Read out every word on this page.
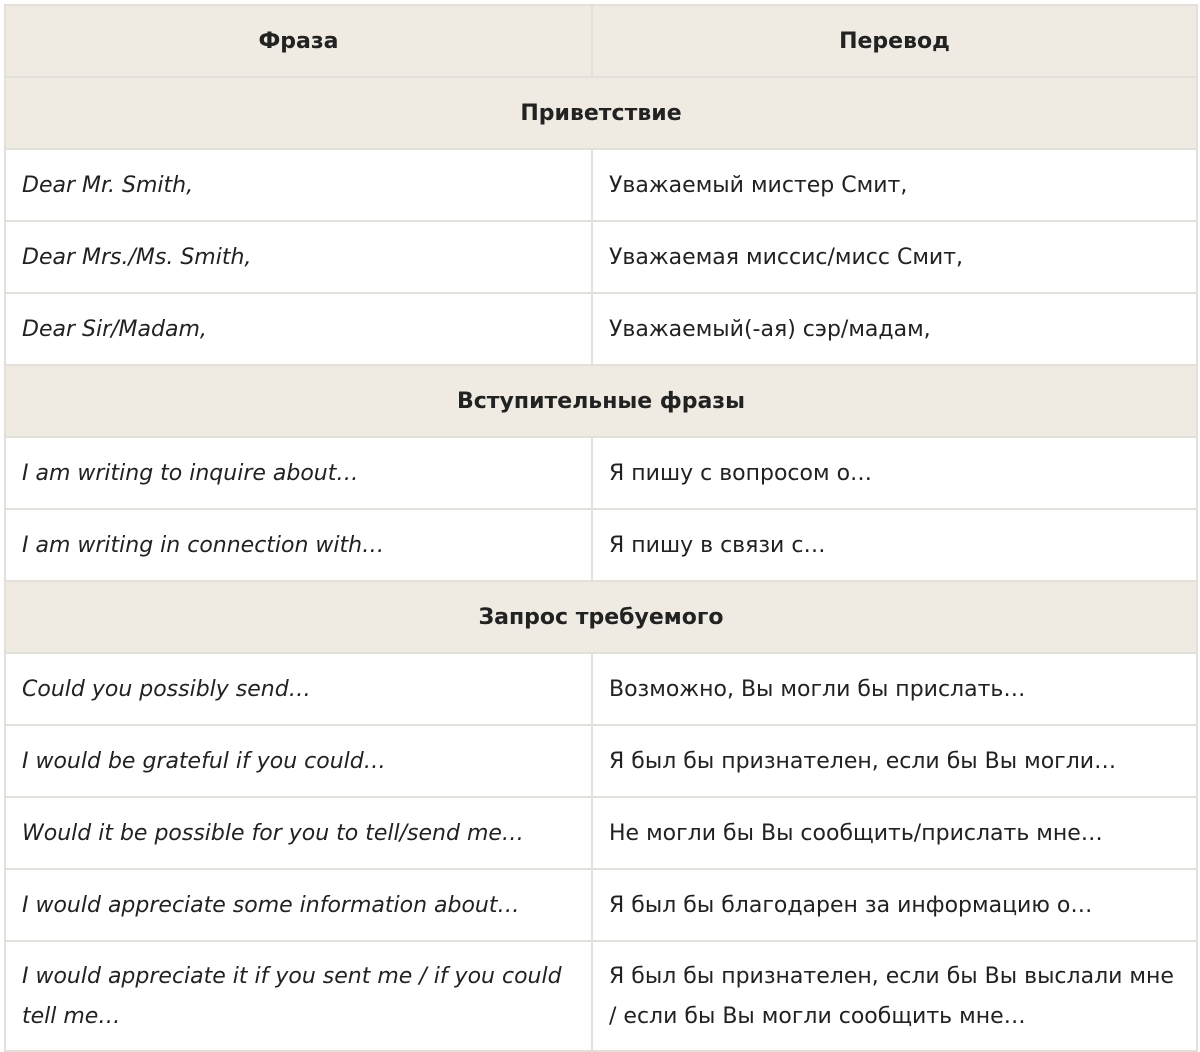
Фраза	Перевод
Приветствие	
Dear Mr. Smith,	Уважаемый мистер Смит,
Dear Mrs./Ms. Smith,	Уважаемая миссис/мисс Смит,
Dear Sir/Madam,	Уважаемый(-ая) сэр/мадам,
Вступительные фразы	
I am writing to inquire about…	Я пишу с вопросом о…
I am writing in connection with…	Я пишу в связи с…
Запрос требуемого	
Could you possibly send…	Возможно, Вы могли бы прислать…
I would be grateful if you could…	Я был бы признателен, если бы Вы могли…
Would it be possible for you to tell/send me…	Не могли бы Вы сообщить/прислать мне…
I would appreciate some information about…	Я был бы благодарен за информацию о…
I would appreciate it if you sent me / if you could tell me…	Я был бы признателен, если бы Вы выслали мне / если бы Вы могли сообщить мне…
